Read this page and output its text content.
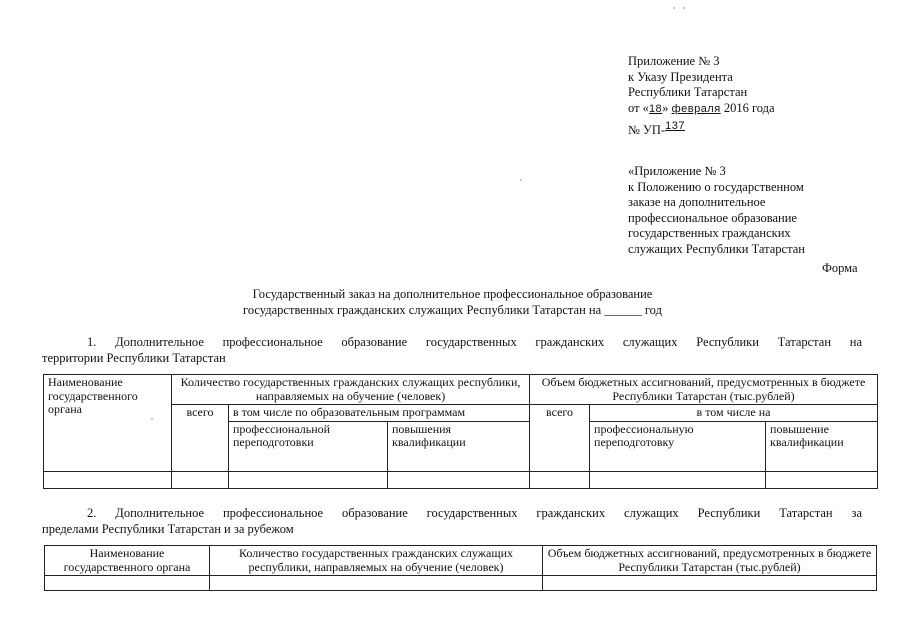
Приложение № 3
к Указу Президента
Республики Татарстан
от «18» февраля 2016 года
№ УП-137
«Приложение № 3
к Положению о государственном
заказе на дополнительное
профессиональное образование
государственных гражданских
служащих Республики Татарстан
Форма
Государственный заказ на дополнительное профессиональное образование
государственных гражданских служащих Республики Татарстан на ______ год
1. Дополнительное профессиональное образование государственных гражданских служащих Республики Татарстан на
территории Республики Татарстан
Наименование государственного органа	Количество государственных гражданских служащих республики, направляемых на обучение (человек)			Объем бюджетных ассигнований, предусмотренных в бюджете Республики Татарстан (тыс.рублей)		
	всего	в том числе по образовательным программам		всего	в том числе на	
		профессиональной переподготовки	повышения квалификации		профессиональную переподготовку	повышение квалификации

2. Дополнительное профессиональное образование государственных гражданских служащих Республики Татарстан за
пределами Республики Татарстан и за рубежом
Наименование государственного органа	Количество государственных гражданских служащих республики, направляемых на обучение (человек)	Объем бюджетных ассигнований, предусмотренных в бюджете Республики Татарстан (тыс.рублей)
